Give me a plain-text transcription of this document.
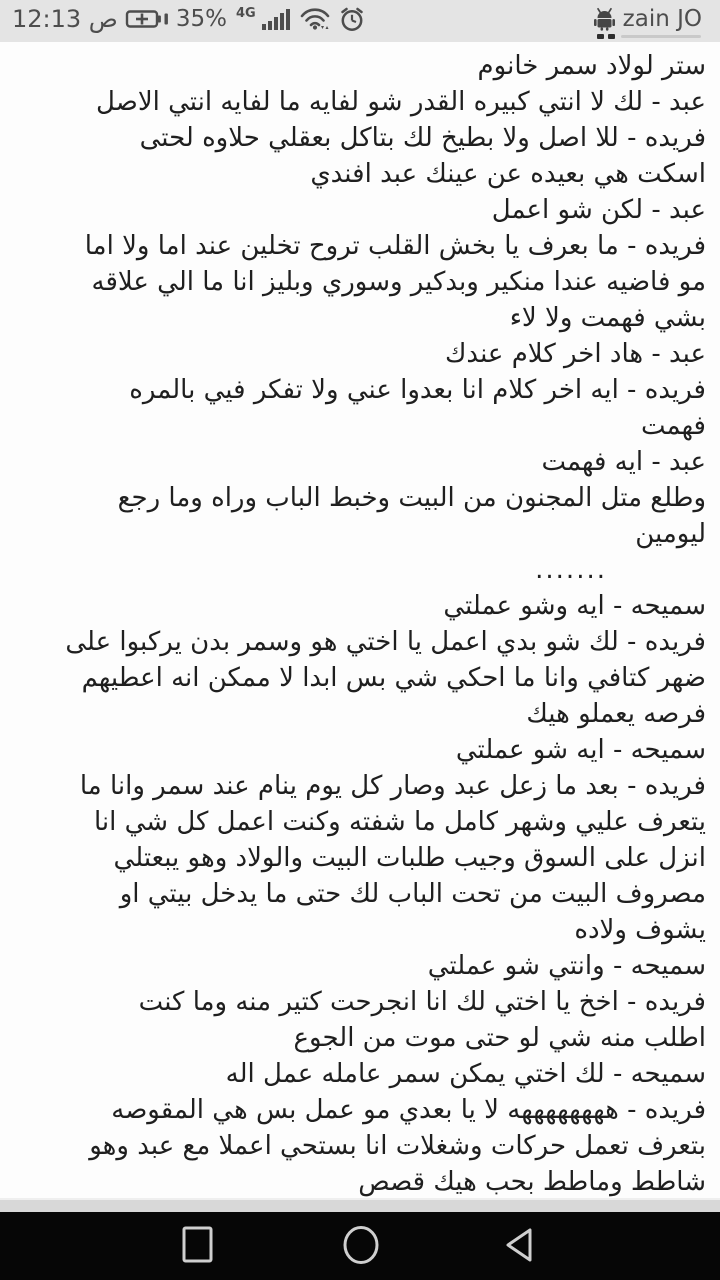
ص 12:13	35% 4G	zain JO
ستر لولاد سمر خانوم
عبد - لك لا انتي كبيره القدر شو لفايه ما لفايه انتي الاصل
فريده - للا اصل ولا بطيخ لك بتاكل بعقلي حلاوه لحتى
اسكت هي بعيده عن عينك عبد افندي
عبد - لكن شو اعمل
فريده - ما بعرف يا بخش القلب تروح تخلين عند اما ولا اما
مو فاضيه عندا منكير وبدكير وسوري وبليز انا ما الي علاقه
بشي فهمت ولا لاء
عبد - هاد اخر كلام عندك
فريده - ايه اخر كلام انا بعدوا عني ولا تفكر فيي بالمره
فهمت
عبد - ايه فهمت
وطلع متل المجنون من البيت وخبط الباب وراه وما رجع
ليومين
.......
سميحه - ايه وشو عملتي
فريده - لك شو بدي اعمل يا اختي هو وسمر بدن يركبوا على
ضهر كتافي وانا ما احكي شي بس ابدا لا ممكن انه اعطيهم
فرصه يعملو هيك
سميحه - ايه شو عملتي
فريده - بعد ما زعل عبد وصار كل يوم ينام عند سمر وانا ما
يتعرف عليي وشهر كامل ما شفته وكنت اعمل كل شي انا
انزل على السوق وجيب طلبات البيت والولاد وهو يبعتلي
مصروف البيت من تحت الباب لك حتى ما يدخل بيتي او
يشوف ولاده
سميحه - وانتي شو عملتي
فريده - اخخ يا اختي لك انا انجرحت كتير منه وما كنت
اطلب منه شي لو حتى موت من الجوع
سميحه - لك اختي يمكن سمر عامله عمل اله
فريده - ههههههههه لا يا بعدي مو عمل بس هي المقوصه
بتعرف تعمل حركات وشغلات انا بستحي اعملا مع عبد وهو
شاطط وماطط بحب هيك قصص
